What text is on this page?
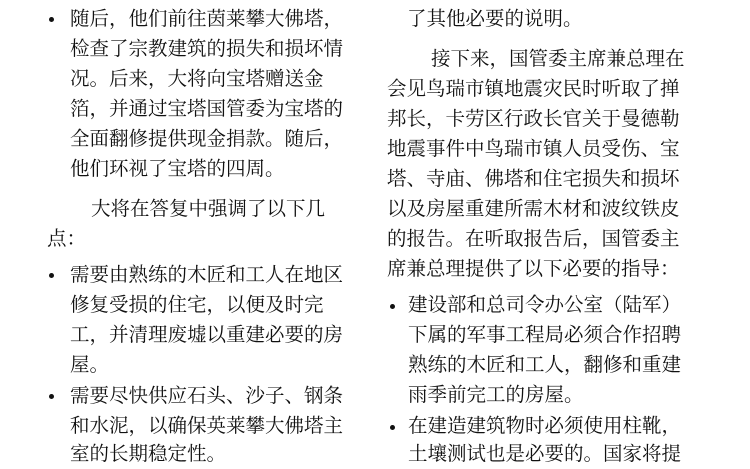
随后，他们前往茵莱攀大佛塔，
检查了宗教建筑的损失和损坏情
况。后来，大将向宝塔赠送金
箔，并通过宝塔国管委为宝塔的
全面翻修提供现金捐款。随后，
他们环视了宝塔的四周。
大将在答复中强调了以下几
点：
需要由熟练的木匠和工人在地区
修复受损的住宅，以便及时完
工，并清理废墟以重建必要的房
屋。
需要尽快供应石头、沙子、钢条
和水泥，以确保英莱攀大佛塔主
室的长期稳定性。
了其他必要的说明。
接下来，国管委主席兼总理在
会见鸟瑞市镇地震灾民时听取了掸
邦长，卡劳区行政长官关于曼德勒
地震事件中鸟瑞市镇人员受伤、宝
塔、寺庙、佛塔和住宅损失和损坏
以及房屋重建所需木材和波纹铁皮
的报告。在听取报告后，国管委主
席兼总理提供了以下必要的指导：
建设部和总司令办公室（陆军）
下属的军事工程局必须合作招聘
熟练的木匠和工人，翻修和重建
雨季前完工的房屋。
在建造建筑物时必须使用柱靴，
土壤测试也是必要的。国家将提
